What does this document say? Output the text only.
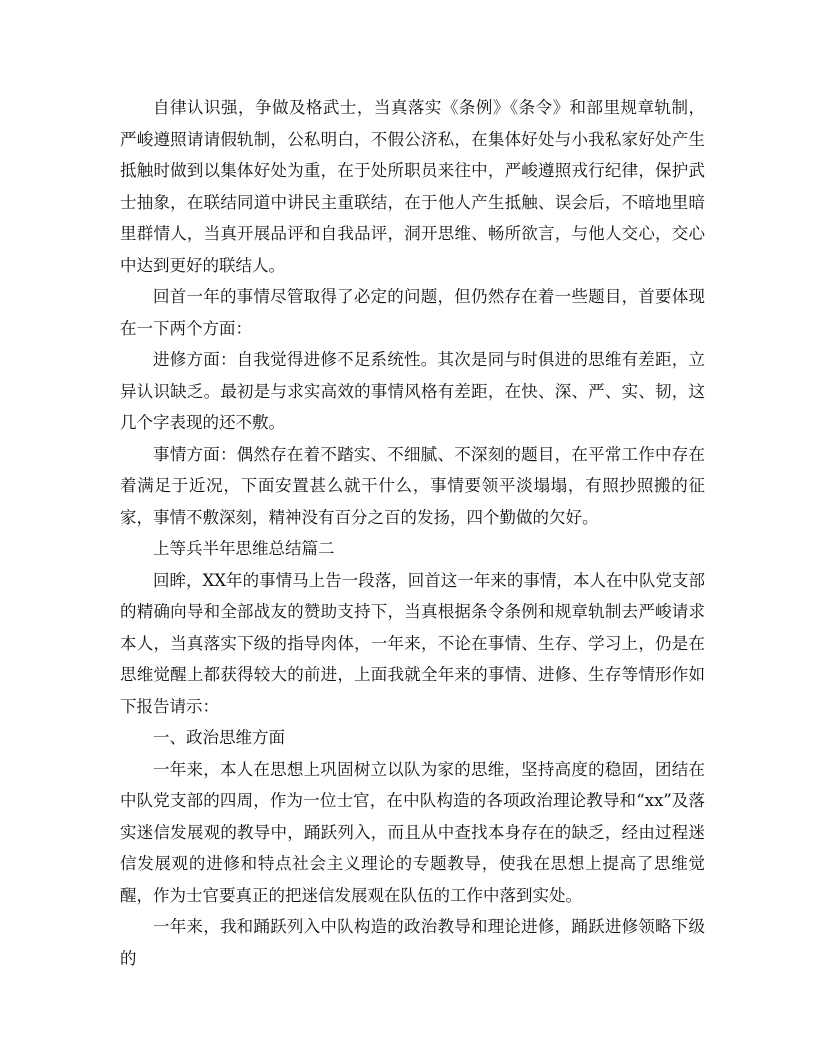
自律认识强，争做及格武士，当真落实《条例》《条令》和部里规章轨制，严峻遵照请请假轨制，公私明白，不假公济私，在集体好处与小我私家好处产生抵触时做到以集体好处为重，在于处所职员来往中，严峻遵照戎行纪律，保护武士抽象，在联结同道中讲民主重联结，在于他人产生抵触、误会后，不暗地里暗里群情人，当真开展品评和自我品评，洞开思维、畅所欲言，与他人交心，交心中达到更好的联结人。

回首一年的事情尽管取得了必定的问题，但仍然存在着一些题目，首要体现在一下两个方面：

进修方面：自我觉得进修不足系统性。其次是同与时俱进的思维有差距，立异认识缺乏。最初是与求实高效的事情风格有差距，在快、深、严、实、韧，这几个字表现的还不敷。

事情方面：偶然存在着不踏实、不细腻、不深刻的题目，在平常工作中存在着满足于近况，下面安置甚么就干什么，事情要领平淡塌塌，有照抄照搬的征家，事情不敷深刻，精神没有百分之百的发扬，四个勤做的欠好。

上等兵半年思维总结篇二

回眸，XX年的事情马上告一段落，回首这一年来的事情，本人在中队党支部的精确向导和全部战友的赞助支持下，当真根据条令条例和规章轨制去严峻请求本人，当真落实下级的指导肉体，一年来，不论在事情、生存、学习上，仍是在思维觉醒上都获得较大的前进，上面我就全年来的事情、进修、生存等情形作如下报告请示：

一、政治思维方面

一年来，本人在思想上巩固树立以队为家的思维，坚持高度的稳固，团结在中队党支部的四周，作为一位士官，在中队构造的各项政治理论教导和“xx”及落实迷信发展观的教导中，踊跃列入，而且从中查找本身存在的缺乏，经由过程迷信发展观的进修和特点社会主义理论的专题教导，使我在思想上提高了思维觉醒，作为士官要真正的把迷信发展观在队伍的工作中落到实处。

一年来，我和踊跃列入中队构造的政治教导和理论进修，踊跃进修领略下级的
